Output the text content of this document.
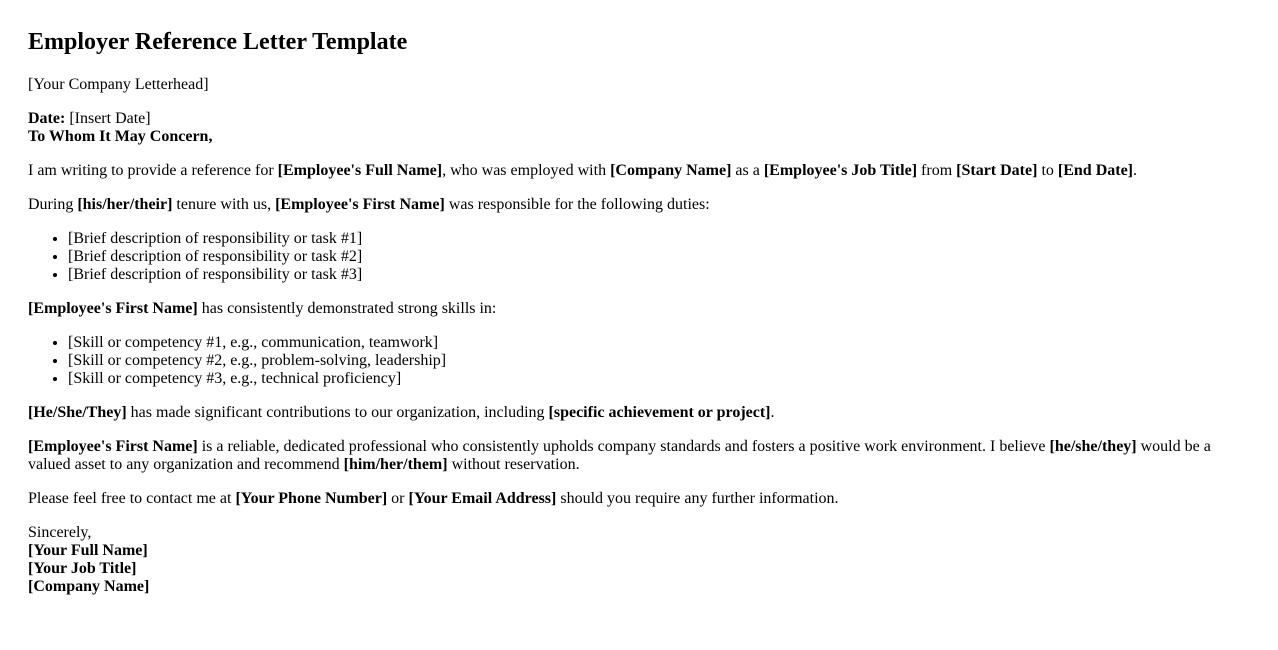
Employer Reference Letter Template

[Your Company Letterhead]

Date: [Insert Date]

To Whom It May Concern,

I am writing to provide a reference for [Employee's Full Name], who was employed with [Company Name] as a [Employee's Job Title] from [Start Date] to [End Date].

During [his/her/their] tenure with us, [Employee's First Name] was responsible for the following duties:

• [Brief description of responsibility or task #1]
• [Brief description of responsibility or task #2]
• [Brief description of responsibility or task #3]

[Employee's First Name] has consistently demonstrated strong skills in:

• [Skill or competency #1, e.g., communication, teamwork]
• [Skill or competency #2, e.g., problem-solving, leadership]
• [Skill or competency #3, e.g., technical proficiency]

[He/She/They] has made significant contributions to our organization, including [specific achievement or project].

[Employee's First Name] is a reliable, dedicated professional who consistently upholds company standards and fosters a positive work environment. I believe [he/she/they] would be a valued asset to any organization and recommend [him/her/them] without reservation.

Please feel free to contact me at [Your Phone Number] or [Your Email Address] should you require any further information.

Sincerely,
[Your Full Name]
[Your Job Title]
[Company Name]
